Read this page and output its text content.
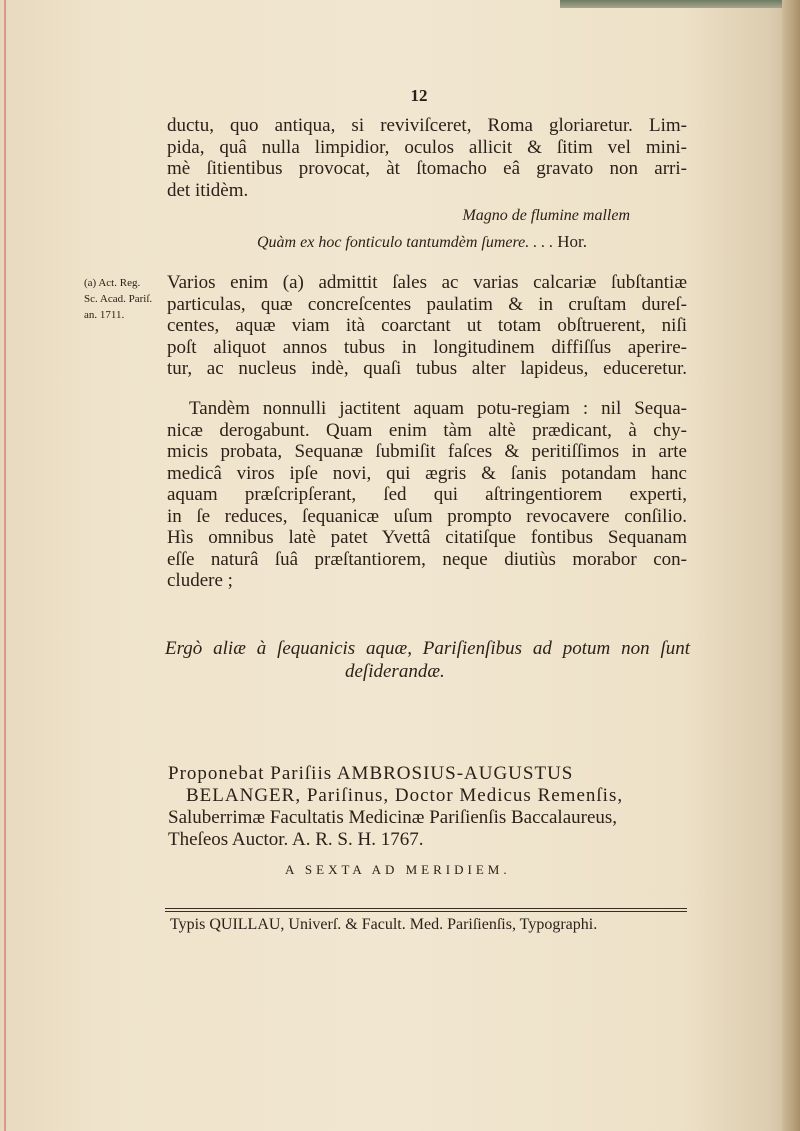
12
ductu, quo antiqua, si reviviſceret, Roma gloriaretur. Lim-
pida, quâ nulla limpidior, oculos allicit & ſitim vel mini-
mè ſitientibus provocat, àt ſtomacho eâ gravato non arri-
det itidèm.
Magno de flumine mallem
Quàm ex hoc fonticulo tantumdèm ſumere. . . . Hor.
(a) Act. Reg.
Sc. Acad. Pariſ.
an. 1711.
Varios enim (a) admittit ſales ac varias calcariæ ſubſtantiæ
particulas, quæ concreſcentes paulatim & in cruſtam dureſ-
centes, aquæ viam ità coarctant ut totam obſtruerent, niſi
poſt aliquot annos tubus in longitudinem diffiſſus aperire-
tur, ac nucleus indè, quaſi tubus alter lapideus, educeretur.
Tandèm nonnulli jactitent aquam potu-regiam : nil Sequa-
nicæ derogabunt. Quam enim tàm altè prædicant, à chy-
micis probata, Sequanæ ſubmiſit faſces & peritiſſimos in arte
medicâ viros ipſe novi, qui ægris & ſanis potandam hanc
aquam præſcripſerant, ſed qui aſtringentiorem experti,
in ſe reduces, ſequanicæ uſum prompto revocavere conſilio.
Hìs omnibus latè patet Yvettâ citatiſque fontibus Sequanam
eſſe naturâ ſuâ præſtantiorem, neque diutiùs morabor con-
cludere ;
Ergò aliæ à ſequanicis aquæ, Pariſienſibus ad potum non ſunt
deſiderandæ.
Proponebat Pariſiis AMBROSIUS-AUGUSTUS
BELANGER, Pariſinus, Doctor Medicus Remenſis,
Saluberrimæ Facultatis Medicinæ Pariſienſis Baccalaureus,
Theſeos Auctor. A. R. S. H. 1767.
A SEXTA AD MERIDIEM.
Typis QUILLAU, Univerſ. & Facult. Med. Pariſienſis, Typographi.
